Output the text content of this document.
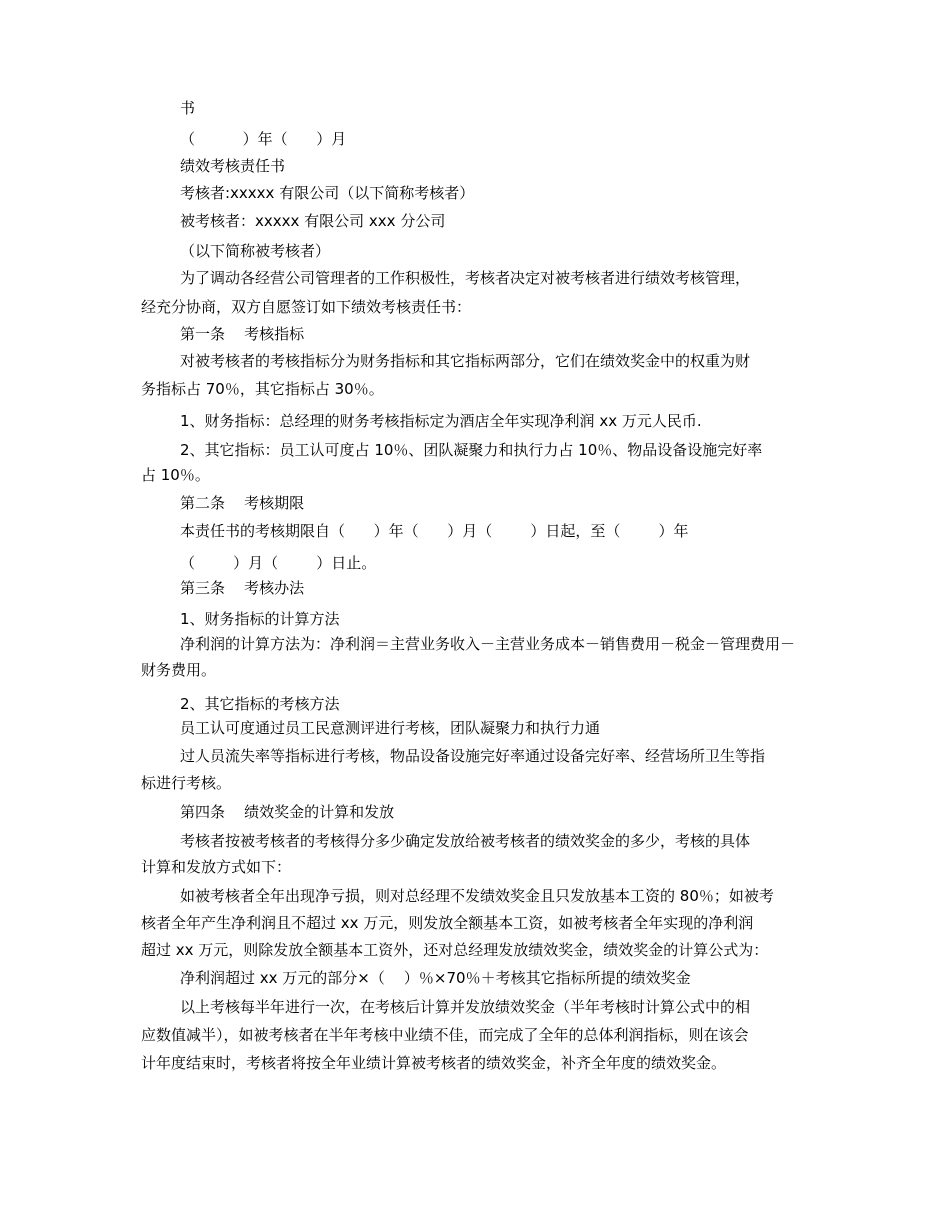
书
（          ）年（      ）月
绩效考核责任书
考核者:xxxxx 有限公司（以下简称考核者）
被考核者：xxxxx 有限公司 xxx 分公司
（以下简称被考核者）
为了调动各经营公司管理者的工作积极性，考核者决定对被考核者进行绩效考核管理，
经充分协商，双方自愿签订如下绩效考核责任书：
第一条    考核指标
对被考核者的考核指标分为财务指标和其它指标两部分，它们在绩效奖金中的权重为财
务指标占 70％，其它指标占 30％。
1、财务指标：总经理的财务考核指标定为酒店全年实现净利润 xx 万元人民币.
2、其它指标：员工认可度占 10％、团队凝聚力和执行力占 10％、物品设备设施完好率
占 10％。
第二条    考核期限
本责任书的考核期限自（      ）年（      ）月（        ）日起，至（        ）年
（        ）月（        ）日止。
第三条    考核办法
1、财务指标的计算方法
净利润的计算方法为：净利润＝主营业务收入－主营业务成本－销售费用－税金－管理费用－
财务费用。
2、其它指标的考核方法
员工认可度通过员工民意测评进行考核，团队凝聚力和执行力通
过人员流失率等指标进行考核，物品设备设施完好率通过设备完好率、经营场所卫生等指
标进行考核。
第四条    绩效奖金的计算和发放
考核者按被考核者的考核得分多少确定发放给被考核者的绩效奖金的多少，考核的具体
计算和发放方式如下：
如被考核者全年出现净亏损，则对总经理不发绩效奖金且只发放基本工资的 80％；如被考
核者全年产生净利润且不超过 xx 万元，则发放全额基本工资，如被考核者全年实现的净利润
超过 xx 万元，则除发放全额基本工资外，还对总经理发放绩效奖金，绩效奖金的计算公式为：
净利润超过 xx 万元的部分×（    ）％×70％＋考核其它指标所提的绩效奖金
以上考核每半年进行一次，在考核后计算并发放绩效奖金（半年考核时计算公式中的相
应数值减半），如被考核者在半年考核中业绩不佳，而完成了全年的总体利润指标，则在该会
计年度结束时，考核者将按全年业绩计算被考核者的绩效奖金，补齐全年度的绩效奖金。
